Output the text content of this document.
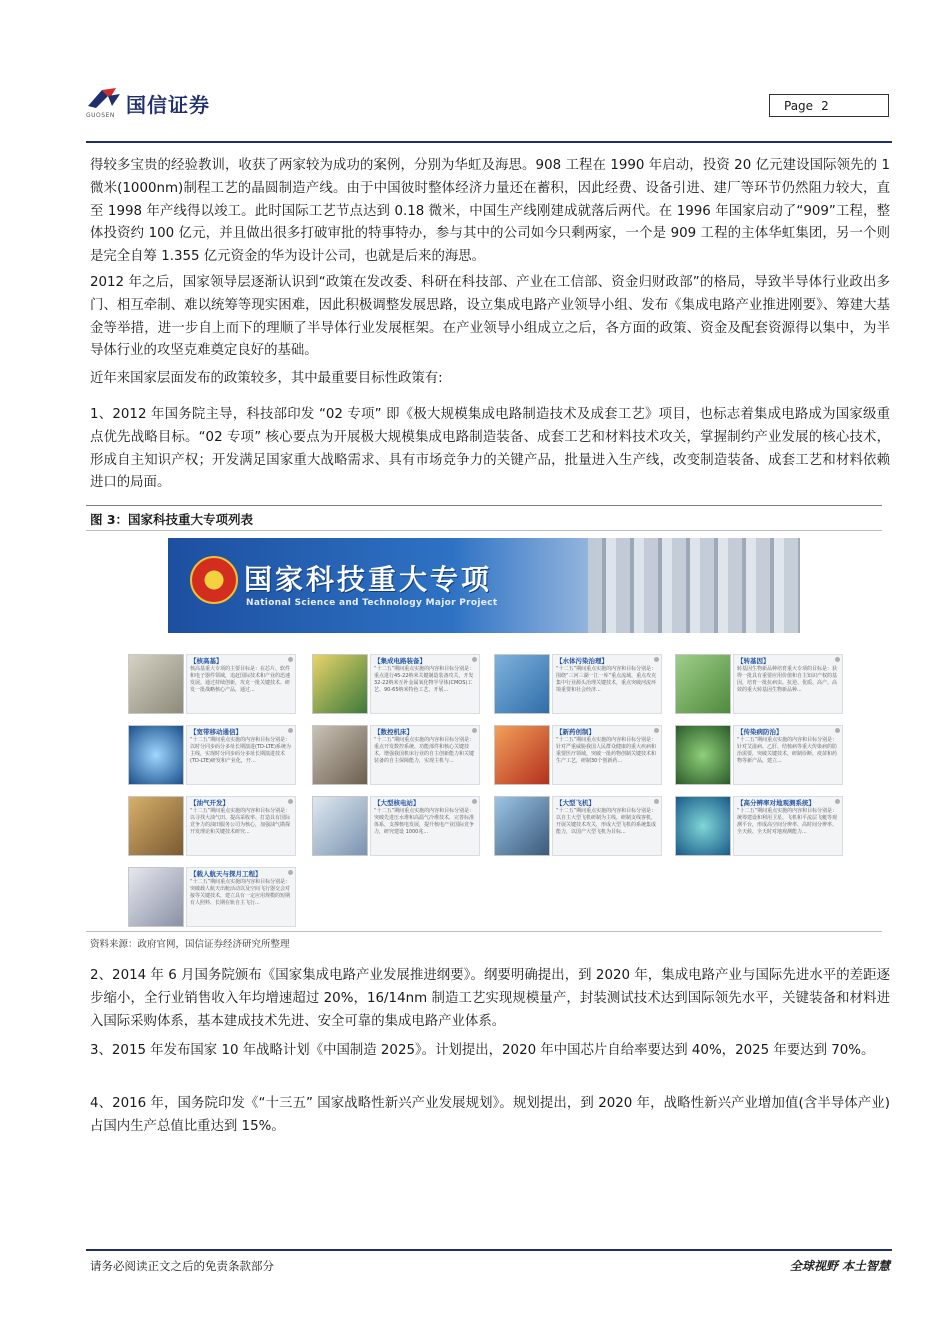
国信证券
GUOSEN
Page 2

得较多宝贵的经验教训，收获了两家较为成功的案例，分别为华虹及海思。908 工程在 1990 年启动，投资 20 亿元建设国际领先的 1 微米(1000nm)制程工艺的晶圆制造产线。由于中国彼时整体经济力量还在蓄积，因此经费、设备引进、建厂等环节仍然阻力较大，直至 1998 年产线得以竣工。此时国际工艺节点达到 0.18 微米，中国生产线刚建成就落后两代。在 1996 年国家启动了“909”工程，整体投资约 100 亿元，并且做出很多打破审批的特事特办，参与其中的公司如今只剩两家，一个是 909 工程的主体华虹集团，另一个则是完全自筹 1.355 亿元资金的华为设计公司，也就是后来的海思。

2012 年之后，国家领导层逐渐认识到“政策在发改委、科研在科技部、产业在工信部、资金归财政部”的格局，导致半导体行业政出多门、相互牵制、难以统筹等现实困难，因此积极调整发展思路，设立集成电路产业领导小组、发布《集成电路产业推进刚要》、筹建大基金等举措，进一步自上而下的理顺了半导体行业发展框架。在产业领导小组成立之后，各方面的政策、资金及配套资源得以集中，为半导体行业的攻坚克难奠定良好的基础。

近年来国家层面发布的政策较多，其中最重要目标性政策有:

1、2012 年国务院主导，科技部印发 “02 专项” 即《极大规模集成电路制造技术及成套工艺》项目，也标志着集成电路成为国家级重点优先战略目标。“02 专项” 核心要点为开展极大规模集成电路制造装备、成套工艺和材料技术攻关，掌握制约产业发展的核心技术，形成自主知识产权；开发满足国家重大战略需求、具有市场竞争力的关键产品，批量进入生产线，改变制造装备、成套工艺和材料依赖进口的局面。

图 3：国家科技重大专项列表
国家科技重大专项
National Science and Technology Major Project
【核高基】
核高基重大专项的主要目标是：在芯片、软件和电子器件领域，追赶国际技术和产业的迅速发展。通过持续创新，攻克一批关键技术、研发一批战略核心产品，通过...
【集成电路装备】
“十二五”期间重点实施的内容和目标分别是：重点进行45-22纳米关键制造装备攻关，开发32-22纳米互补金属氧化物半导体(CMOS)工艺、90-65纳米特色工艺，开展...
【水体污染治理】
“十二五”期间重点实施的内容和目标分别是：围绕“三河三湖一江一库”重点流域，重点攻克集中行业源头治理关键技术，重点突破河流环境重要和社会经济...
【转基因】
转基因生物新品种培育重大专项的目标是：获得一批具有重要应用价值和自主知识产权的基因，培育一批抗病虫、抗逆、优质、高产、高效的重大转基因生物新品种...
【宽带移动通信】
“十二五”期间重点实施的内容和目标分别是：以时分同步码分多址长期演进(TD-LTE)系统为主线，实现时分同步码分多址长期演进技术(TD-LTE)研发和产业化，开...
【数控机床】
“十二五”期间重点实施的内容和目标分别是：重点开发数控系统、功能部件和核心关键技术，增强我国机床行业的自主创新能力和关键装备的自主保障能力，实现主机与...
【新药创制】
“十二五”期间重点实施的内容和目标分别是：针对严重威胁我国人民群众健康的重大疾病和重要医疗领域，突破一批药物创制关键技术和生产工艺，研制30个创新药...
【传染病防治】
“十二五”期间重点实施的内容和目标分别是：针对艾滋病、乙肝、结核病等重大传染病的防治需要，突破关键技术，研制诊断、疫苗和药物等新产品，建立...
【油气开发】
“十二五”期间重点实施的内容和目标分别是：以寻找大油气田、提高采收率、打造具有国际竞争力的油田服务公司为核心，加强油气勘探开发理论和关键技术研究...
【大型核电站】
“十二五”期间重点实施的内容和目标分别是：突破先进压水堆和高温气冷堆技术，完善标准体系，支撑核电发展，提升核电产业国际竞争力，研究建设 1000兆...
【大型飞机】
“十二五”期间重点实施的内容和目标分别是：以自主大型飞机研制为主线，研制支线客机，开展关键技术攻关，形成大型飞机的系统集成能力，以国产大型飞机为目标...
【高分辨率对地观测系统】
“十二五”期间重点实施的内容和目标分别是：统筹建设和利用卫星、飞机和平流层飞艇等观测平台，形成高空间分辨率、高时间分辨率、全天候、全天时对地观测能力...
【载人航天与探月工程】
“十二五”期间重点实施的内容和目标分别是：突破载人航天出舱活动以及空间飞行器交会对接等关键技术，建立具有一定应用规模的短期有人照料、长期在轨自主飞行...
资料来源：政府官网，国信证券经济研究所整理

2、2014 年 6 月国务院颁布《国家集成电路产业发展推进纲要》。纲要明确提出，到 2020 年，集成电路产业与国际先进水平的差距逐步缩小，全行业销售收入年均增速超过 20%，16/14nm 制造工艺实现规模量产，封装测试技术达到国际领先水平，关键装备和材料进入国际采购体系，基本建成技术先进、安全可靠的集成电路产业体系。

3、2015 年发布国家 10 年战略计划《中国制造 2025》。计划提出，2020 年中国芯片自给率要达到 40%，2025 年要达到 70%。

4、2016 年，国务院印发《“十三五” 国家战略性新兴产业发展规划》。规划提出，到 2020 年，战略性新兴产业增加值(含半导体产业)占国内生产总值比重达到 15%。

请务必阅读正文之后的免责条款部分	全球视野 本土智慧
